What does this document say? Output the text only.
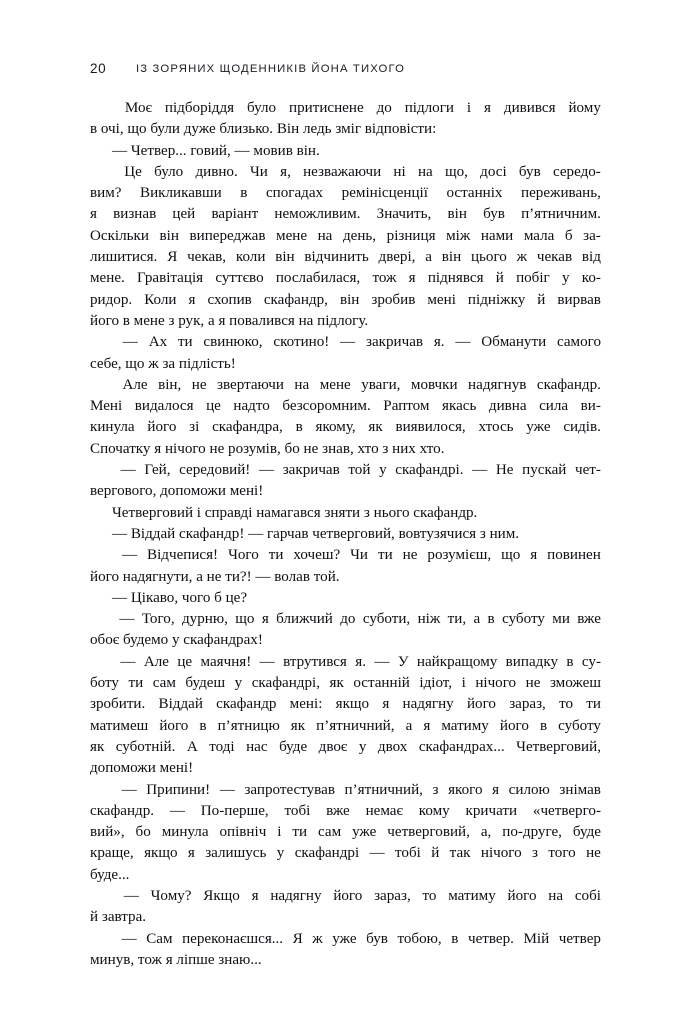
20	ІЗ ЗОРЯНИХ ЩОДЕННИКІВ ЙОНА ТИХОГО
Моє підборіддя було притиснене до підлоги і я дивився йому
в очі, що були дуже близько. Він ледь зміг відповісти:
— Четвер... говий, — мовив він.
Це було дивно. Чи я, незважаючи ні на що, досі був середо-
вим? Викликавши в спогадах ремінісценції останніх переживань,
я визнав цей варіант неможливим. Значить, він був п’ятничним.
Оскільки він випереджав мене на день, різниця між нами мала б за-
лишитися. Я чекав, коли він відчинить двері, а він цього ж чекав від
мене. Гравітація суттєво послабилася, тож я піднявся й побіг у ко-
ридор. Коли я схопив скафандр, він зробив мені підніжку й вирвав
його в мене з рук, а я повалився на підлогу.
— Ах ти свинюко, скотино! — закричав я. — Обманути самого
себе, що ж за підлість!
Але він, не звертаючи на мене уваги, мовчки надягнув скафандр.
Мені видалося це надто безсоромним. Раптом якась дивна сила ви-
кинула його зі скафандра, в якому, як виявилося, хтось уже сидів.
Спочатку я нічого не розумів, бо не знав, хто з них хто.
— Гей, середовий! — закричав той у скафандрі. — Не пускай чет-
вергового, допоможи мені!
Четверговий і справді намагався зняти з нього скафандр.
— Віддай скафандр! — гарчав четверговий, вовтузячися з ним.
— Відчепися! Чого ти хочеш? Чи ти не розумієш, що я повинен
його надягнути, а не ти?! — волав той.
— Цікаво, чого б це?
— Того, дурню, що я ближчий до суботи, ніж ти, а в суботу ми вже
обоє будемо у скафандрах!
— Але це маячня! — втрутився я. — У найкращому випадку в су-
боту ти сам будеш у скафандрі, як останній ідіот, і нічого не зможеш
зробити. Віддай скафандр мені: якщо я надягну його зараз, то ти
матимеш його в п’ятницю як п’ятничний, а я матиму його в суботу
як суботній. А тоді нас буде двоє у двох скафандрах... Четверговий,
допоможи мені!
— Припини! — запротестував п’ятничний, з якого я силою знімав
скафандр. — По-перше, тобі вже немає кому кричати «четверго-
вий», бо минула опівніч і ти сам уже четверговий, а, по-друге, буде
краще, якщо я залишусь у скафандрі — тобі й так нічого з того не
буде...
— Чому? Якщо я надягну його зараз, то матиму його на собі
й завтра.
— Сам переконаєшся... Я ж уже був тобою, в четвер. Мій четвер
минув, тож я ліпше знаю...
